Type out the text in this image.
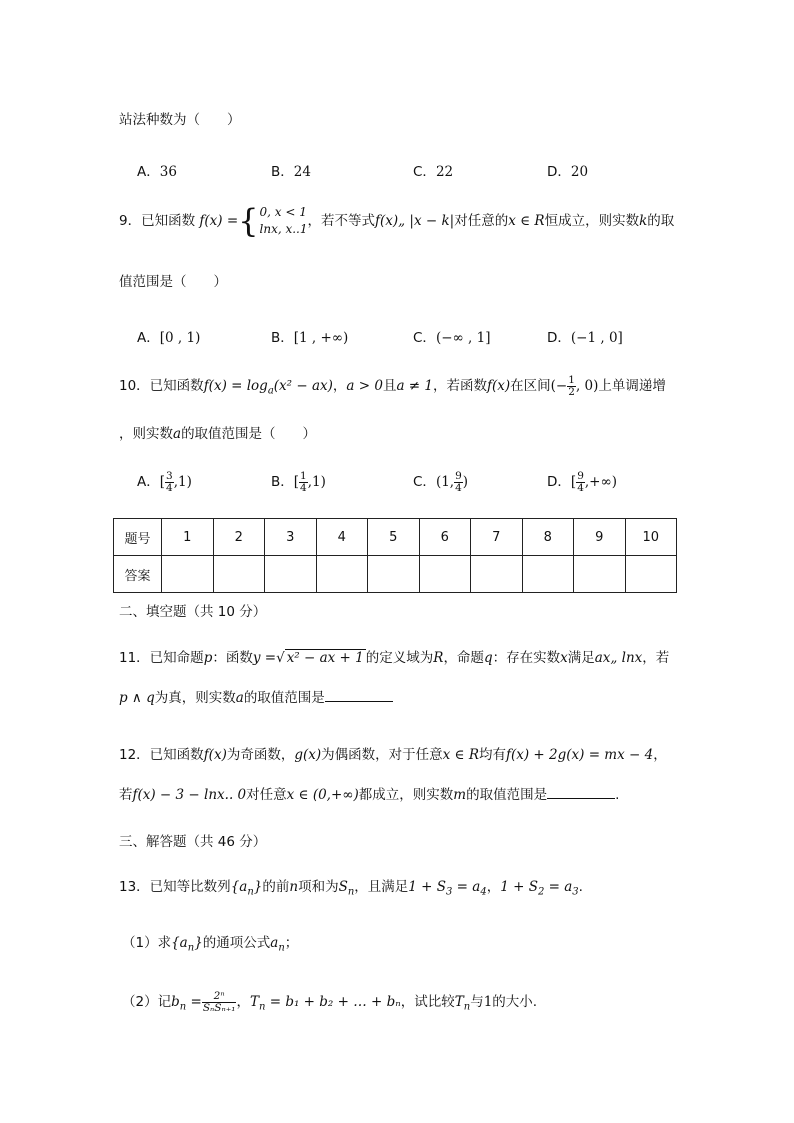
站法种数为（　　）
A．36	B．24	C．22	D．20
9．已知函数 f(x) ={ 0, x < 1
lnx, x..1 ，若不等式f(x)„ |x − k|对任意的x ∈ R恒成立，则实数k的取
值范围是（　　）
A．[0 , 1)	B．[1 , +∞)	C．(−∞ , 1]	D．(−1 , 0]
10．已知函数$f(x) = \log_a(x^2 - ax)$，a > 0且a ≠ 1，若函数f(x)在区间(− $\frac{1}{2}$ , 0)上单调递增
，则实数a的取值范围是（　　）
A．[ $\frac{3}{4} ,1$)	B．[ $\frac{1}{4} ,1$)	C．(1, $\frac{9}{4}$ )	D．[ $\frac{9}{4}$ ,+∞)
题号	1	2	3	4	5	6	7	8	9	10
答案										
二、填空题（共 10 分）
11．已知命题p：函数y =√ x² − ax + 1 的定义域为R，命题q：存在实数x满足ax„ lnx，若
p ∧ q为真，则实数a的取值范围是
12．已知函数f(x)为奇函数，g(x)为偶函数，对于任意x ∈ R均有f(x) + 2g(x) = mx − 4，
若f(x) − 3 − lnx.. 0对任意x ∈ (0,+∞)都成立，则实数m的取值范围是	.
三、解答题（共 46 分）
13．已知等比数列$\{a_n\}$的前n项和为$S_n$，且满足$1 + S_3 = a_4$，$1 + S_2 = a_3$.
（1）求$\{a_n\}$的通项公式$a_n$；
（2）记$b_n = \frac{\text{2ⁿ}}{\text{SₙSₙ₊₁}}$ ，$T_n = b_1 + b_2$ + … + bₙ，试比较$T_n$与1的大小.
